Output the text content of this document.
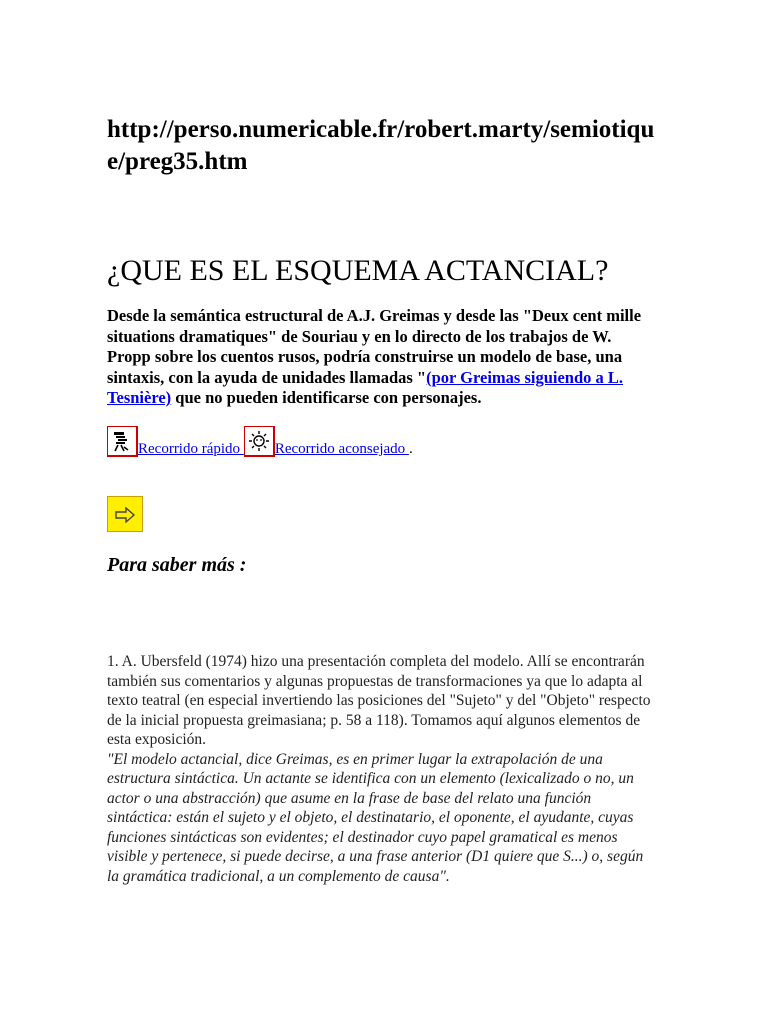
http://perso.numericable.fr/robert.marty/semiotique/preg35.htm
¿QUE ES EL ESQUEMA ACTANCIAL?

Desde la semántica estructural de A.J. Greimas y desde las "Deux cent mille situations dramatiques" de Souriau y en lo directo de los trabajos de W. Propp sobre los cuentos rusos, podría construirse un modelo de base, una sintaxis, con la ayuda de unidades llamadas "(por Greimas siguiendo a L. Tesnière) que no pueden identificarse con personajes.

Recorrido rápido
Recorrido aconsejado .
Para saber más :

1. A. Ubersfeld (1974) hizo una presentación completa del modelo. Allí se encontrarán también sus comentarios y algunas propuestas de transformaciones ya que lo adapta al texto teatral (en especial invertiendo las posiciones del "Sujeto" y del "Objeto" respecto de la inicial propuesta greimasiana; p. 58 a 118). Tomamos aquí algunos elementos de esta exposición.
"El modelo actancial, dice Greimas, es en primer lugar la extrapolación de una estructura sintáctica. Un actante se identifica con un elemento (lexicalizado o no, un actor o una abstracción) que asume en la frase de base del relato una función sintáctica: están el sujeto y el objeto, el destinatario, el oponente, el ayudante, cuyas funciones sintácticas son evidentes; el destinador cuyo papel gramatical es menos visible y pertenece, si puede decirse, a una frase anterior (D1 quiere que S...) o, según la gramática tradicional, a un complemento de causa".
